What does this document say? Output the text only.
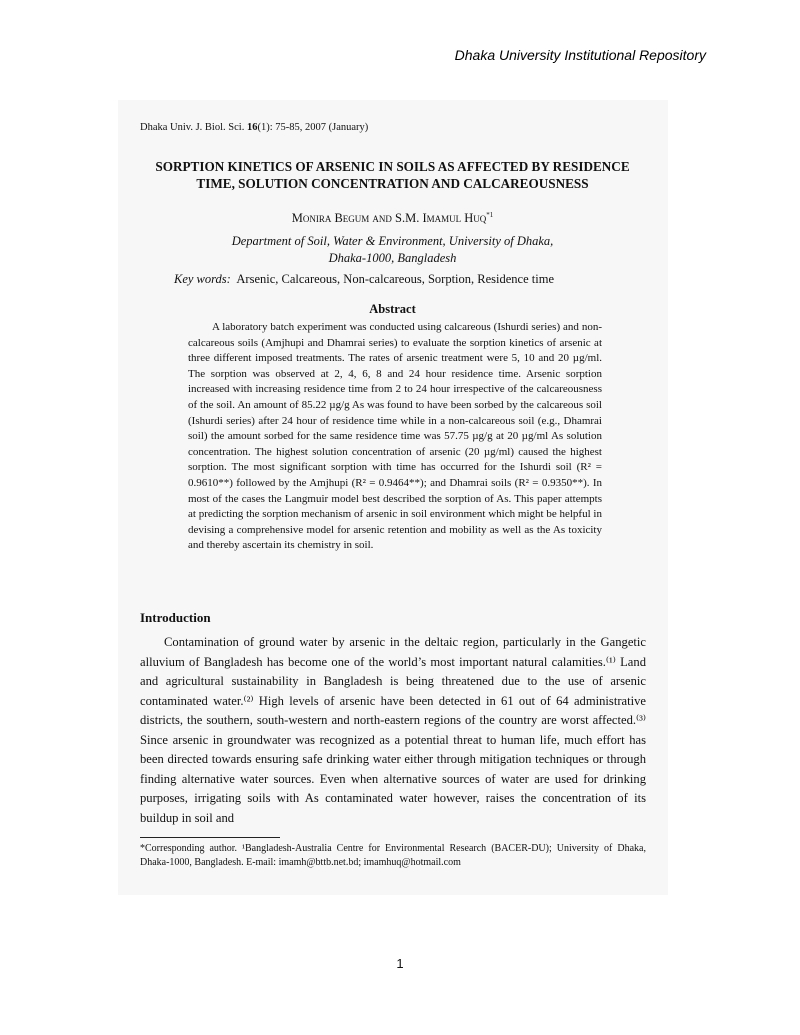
Dhaka University Institutional Repository
Dhaka Univ. J. Biol. Sci. 16(1): 75-85, 2007 (January)
SORPTION KINETICS OF ARSENIC IN SOILS AS AFFECTED BY RESIDENCE TIME, SOLUTION CONCENTRATION AND CALCAREOUSNESS
Monira Begum and S.M. Imamul Huq$^{*1}$
Department of Soil, Water & Environment, University of Dhaka,
Dhaka-1000, Bangladesh
Key words: Arsenic, Calcareous, Non-calcareous, Sorption, Residence time
Abstract

A laboratory batch experiment was conducted using calcareous (Ishurdi series) and non-calcareous soils (Amjhupi and Dhamrai series) to evaluate the sorption kinetics of arsenic at three different imposed treatments. The rates of arsenic treatment were 5, 10 and 20 µg/ml. The sorption was observed at 2, 4, 6, 8 and 24 hour residence time. Arsenic sorption increased with increasing residence time from 2 to 24 hour irrespective of the calcareousness of the soil. An amount of 85.22 µg/g As was found to have been sorbed by the calcareous soil (Ishurdi series) after 24 hour of residence time while in a non-calcareous soil (e.g., Dhamrai soil) the amount sorbed for the same residence time was 57.75 µg/g at 20 µg/ml As solution concentration. The highest solution concentration of arsenic (20 µg/ml) caused the highest sorption. The most significant sorption with time has occurred for the Ishurdi soil (R² = 0.9610**) followed by the Amjhupi (R² = 0.9464**); and Dhamrai soils (R² = 0.9350**). In most of the cases the Langmuir model best described the sorption of As. This paper attempts at predicting the sorption mechanism of arsenic in soil environment which might be helpful in devising a comprehensive model for arsenic retention and mobility as well as the As toxicity and thereby ascertain its chemistry in soil.

Introduction

Contamination of ground water by arsenic in the deltaic region, particularly in the Gangetic alluvium of Bangladesh has become one of the world’s most important natural calamities.⁽¹⁾ Land and agricultural sustainability in Bangladesh is being threatened due to the use of arsenic contaminated water.⁽²⁾ High levels of arsenic have been detected in 61 out of 64 administrative districts, the southern, south-western and north-eastern regions of the country are worst affected.⁽³⁾ Since arsenic in groundwater was recognized as a potential threat to human life, much effort has been directed towards ensuring safe drinking water either through mitigation techniques or through finding alternative water sources. Even when alternative sources of water are used for drinking purposes, irrigating soils with As contaminated water however, raises the concentration of its buildup in soil and

*Corresponding author. ¹Bangladesh-Australia Centre for Environmental Research (BACER-DU); University of Dhaka, Dhaka-1000, Bangladesh. E-mail: imamh@bttb.net.bd; imamhuq@hotmail.com

1
